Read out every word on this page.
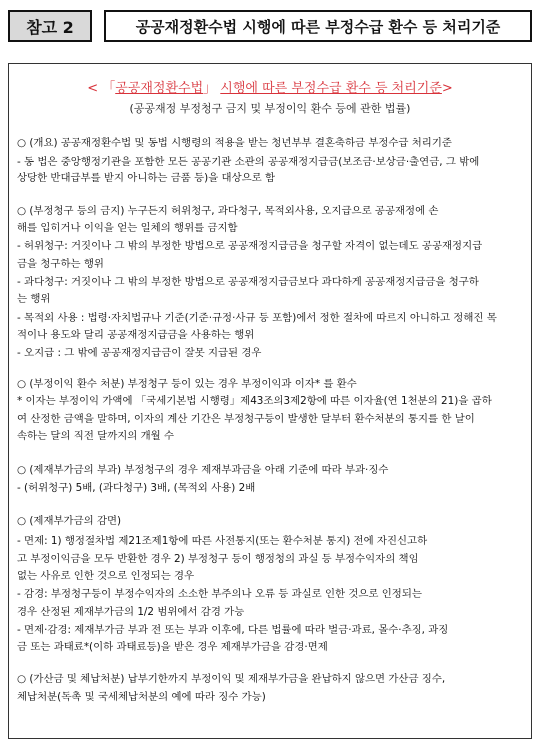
참고 2	공공재정환수법 시행에 따른 부정수급 환수 등 처리기준
< 「공공재정환수법」 시행에 따른 부정수급 환수 등 처리기준>
(공공재정 부정청구 금지 및 부정이익 환수 등에 관한 법률)
○ (개요) 공공재정환수법 및 동법 시행령의 적용을 받는 청년부부 결혼축하금 부정수급 처리기준
- 동 법은 중앙행정기관을 포함한 모든 공공기관 소관의 공공재정지급금(보조금·보상금·출연금, 그 밖에
상당한 반대급부를 받지 아니하는 금품 등)을 대상으로 함
○ (부정청구 등의 금지) 누구든지 허위청구, 과다청구, 목적외사용, 오지급으로 공공재정에 손
해를 입히거나 이익을 얻는 일체의 행위를 금지함
- 허위청구: 거짓이나 그 밖의 부정한 방법으로 공공재정지급금을 청구할 자격이 없는데도 공공재정지급
금을 청구하는 행위
- 과다청구: 거짓이나 그 밖의 부정한 방법으로 공공재정지급금보다 과다하게 공공재정지급금을 청구하
는 행위
- 목적외 사용 : 법령·자치법규나 기준(기준·규정·사규 등 포함)에서 정한 절차에 따르지 아니하고 정해진 목
적이나 용도와 달리 공공재정지급금을 사용하는 행위
- 오지급 : 그 밖에 공공재정지급금이 잘못 지급된 경우
○ (부정이익 환수 처분) 부정청구 등이 있는 경우 부정이익과 이자* 를 환수
* 이자는 부정이익 가액에 「국세기본법 시행령」제43조의3제2항에 따른 이자율(연 1천분의 21)을 곱하
여 산정한 금액을 말하며, 이자의 계산 기간은 부정청구등이 발생한 달부터 환수처분의 통지를 한 날이
속하는 달의 직전 달까지의 개월 수
○ (제재부가금의 부과) 부정청구의 경우 제재부과금을 아래 기준에 따라 부과·징수
- (허위청구) 5배, (과다청구) 3배, (목적외 사용) 2배
○ (제재부가금의 감면)
- 면제: 1) 행정절차법 제21조제1항에 따른 사전통지(또는 환수처분 통지) 전에 자진신고하
고 부정이익금을 모두 반환한 경우 2) 부정청구 등이 행정청의 과실 등 부정수익자의 책임
없는 사유로 인한 것으로 인정되는 경우
- 감경: 부정청구등이 부정수익자의 소소한 부주의나 오류 등 과실로 인한 것으로 인정되는
경우 산정된 제재부가금의 1/2 범위에서 감경 가능
- 면제·감경: 제재부가금 부과 전 또는 부과 이후에, 다른 법률에 따라 벌금·과료, 몰수·추징, 과징
금 또는 과태료*(이하 과태료등)을 받은 경우 제재부가금을 감경·면제
○ (가산금 및 체납처분) 납부기한까지 부정이익 및 제재부가금을 완납하지 않으면 가산금 징수,
체납처분(독촉 및 국세체납처분의 예에 따라 징수 가능)
